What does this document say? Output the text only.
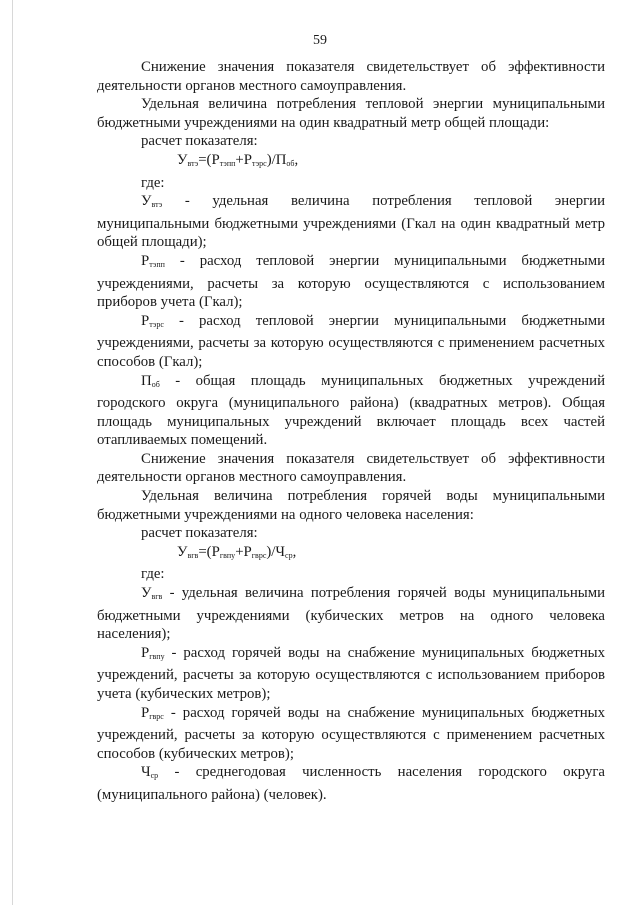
59

Снижение значения показателя свидетельствует об эффективности деятельности органов местного самоуправления.

Удельная величина потребления тепловой энергии муниципальными бюджетными учреждениями на один квадратный метр общей площади:

расчет показателя:

$У_{втэ}=(Р_{тэпп}+Р_{тэрс})/П_{об}$,

где:

$У_{втэ}$ - удельная величина потребления тепловой энергии муниципальными бюджетными учреждениями (Гкал на один квадратный метр общей площади);

$Р_{тэпп}$ - расход тепловой энергии муниципальными бюджетными учреждениями, расчеты за которую осуществляются с использованием приборов учета (Гкал);

$Р_{тэрс}$ - расход тепловой энергии муниципальными бюджетными учреждениями, расчеты за которую осуществляются с применением расчетных способов (Гкал);

$П_{об}$ - общая площадь муниципальных бюджетных учреждений городского округа (муниципального района) (квадратных метров). Общая площадь муниципальных учреждений включает площадь всех частей отапливаемых помещений.

Снижение значения показателя свидетельствует об эффективности деятельности органов местного самоуправления.

Удельная величина потребления горячей воды муниципальными бюджетными учреждениями на одного человека населения:

расчет показателя:

$У_{вгв}=(Р_{гвпу}+Р_{гврс})/Ч_{ср}$,

где:

$У_{вгв}$ - удельная величина потребления горячей воды муниципальными бюджетными учреждениями (кубических метров на одного человека населения);

$Р_{гвпу}$ - расход горячей воды на снабжение муниципальных бюджетных учреждений, расчеты за которую осуществляются с использованием приборов учета (кубических метров);

$Р_{гврс}$ - расход горячей воды на снабжение муниципальных бюджетных учреждений, расчеты за которую осуществляются с применением расчетных способов (кубических метров);

$Ч_{ср}$ - среднегодовая численность населения городского округа (муниципального района) (человек).
